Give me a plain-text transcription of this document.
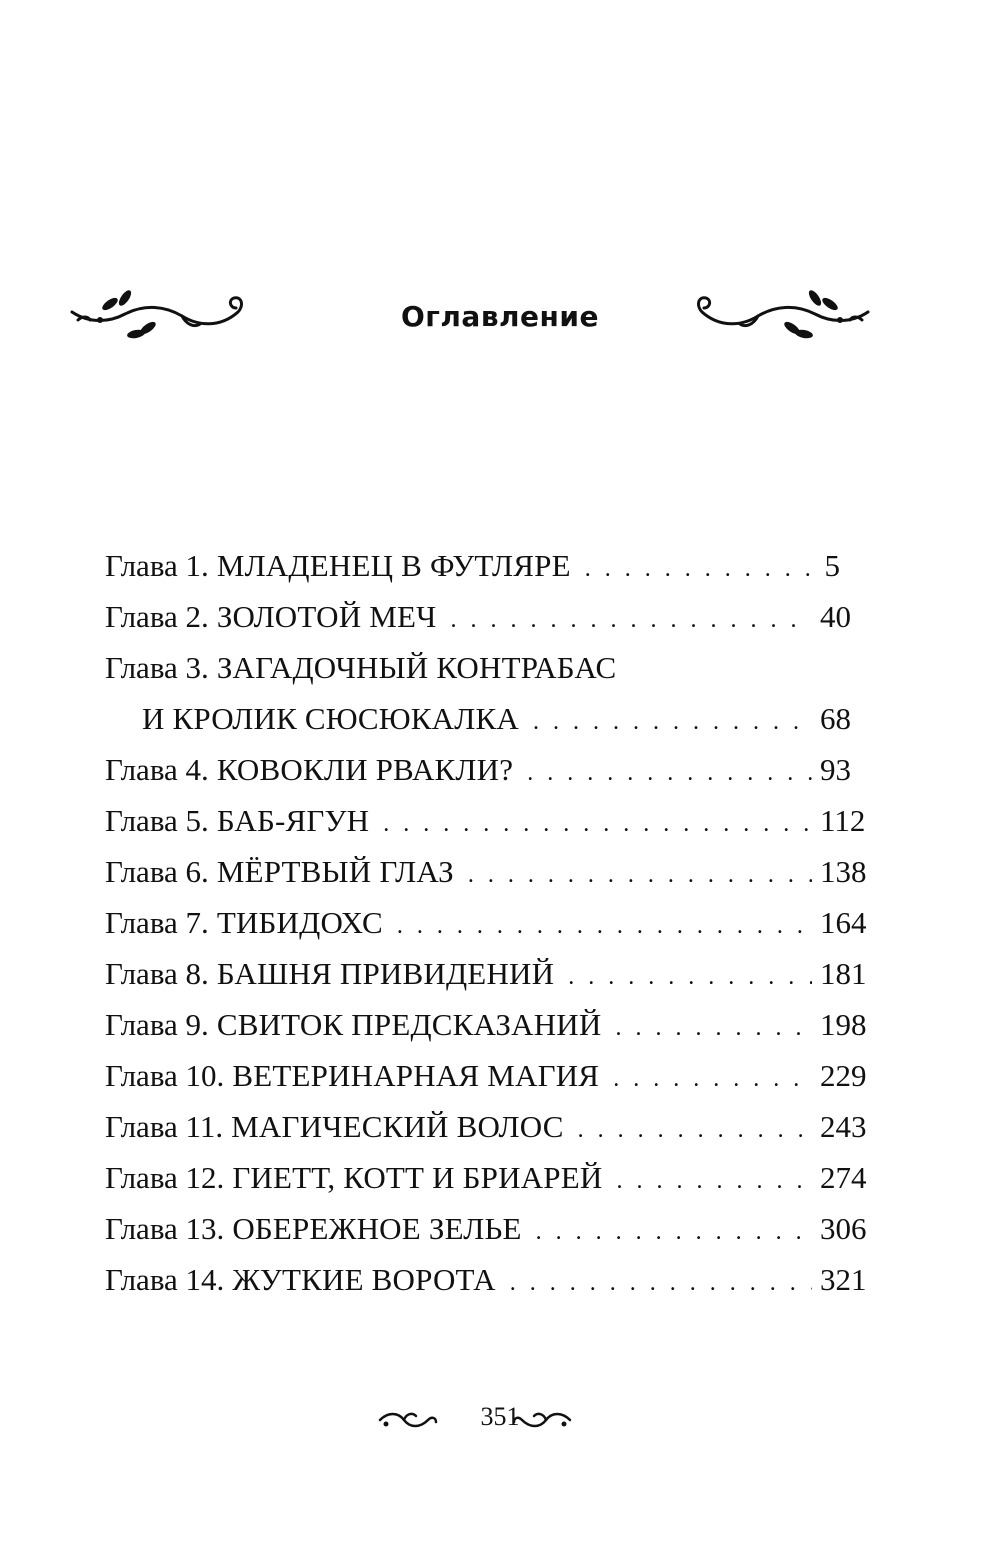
Оглавление
Глава 1. МЛАДЕНЕЦ В ФУТЛЯРЕ . . .	5
Глава 2. ЗОЛОТОЙ МЕЧ . . .	40
Глава 3. ЗАГАДОЧНЫЙ КОНТРАБАС
И КРОЛИК СЮСЮКАЛКА . . .	68
Глава 4. КОВОКЛИ РВАКЛИ? . . .	93
Глава 5. БАБ-ЯГУН . . .	112
Глава 6. МЁРТВЫЙ ГЛАЗ . . .	138
Глава 7. ТИБИДОХС . . .	164
Глава 8. БАШНЯ ПРИВИДЕНИЙ . . .	181
Глава 9. СВИТОК ПРЕДСКАЗАНИЙ . . .	198
Глава 10. ВЕТЕРИНАРНАЯ МАГИЯ . . .	229
Глава 11. МАГИЧЕСКИЙ ВОЛОС . . .	243
Глава 12. ГИЕТТ, КОТТ И БРИАРЕЙ . . .	274
Глава 13. ОБЕРЕЖНОЕ ЗЕЛЬЕ . . .	306
Глава 14. ЖУТКИЕ ВОРОТА . . .	321
351
